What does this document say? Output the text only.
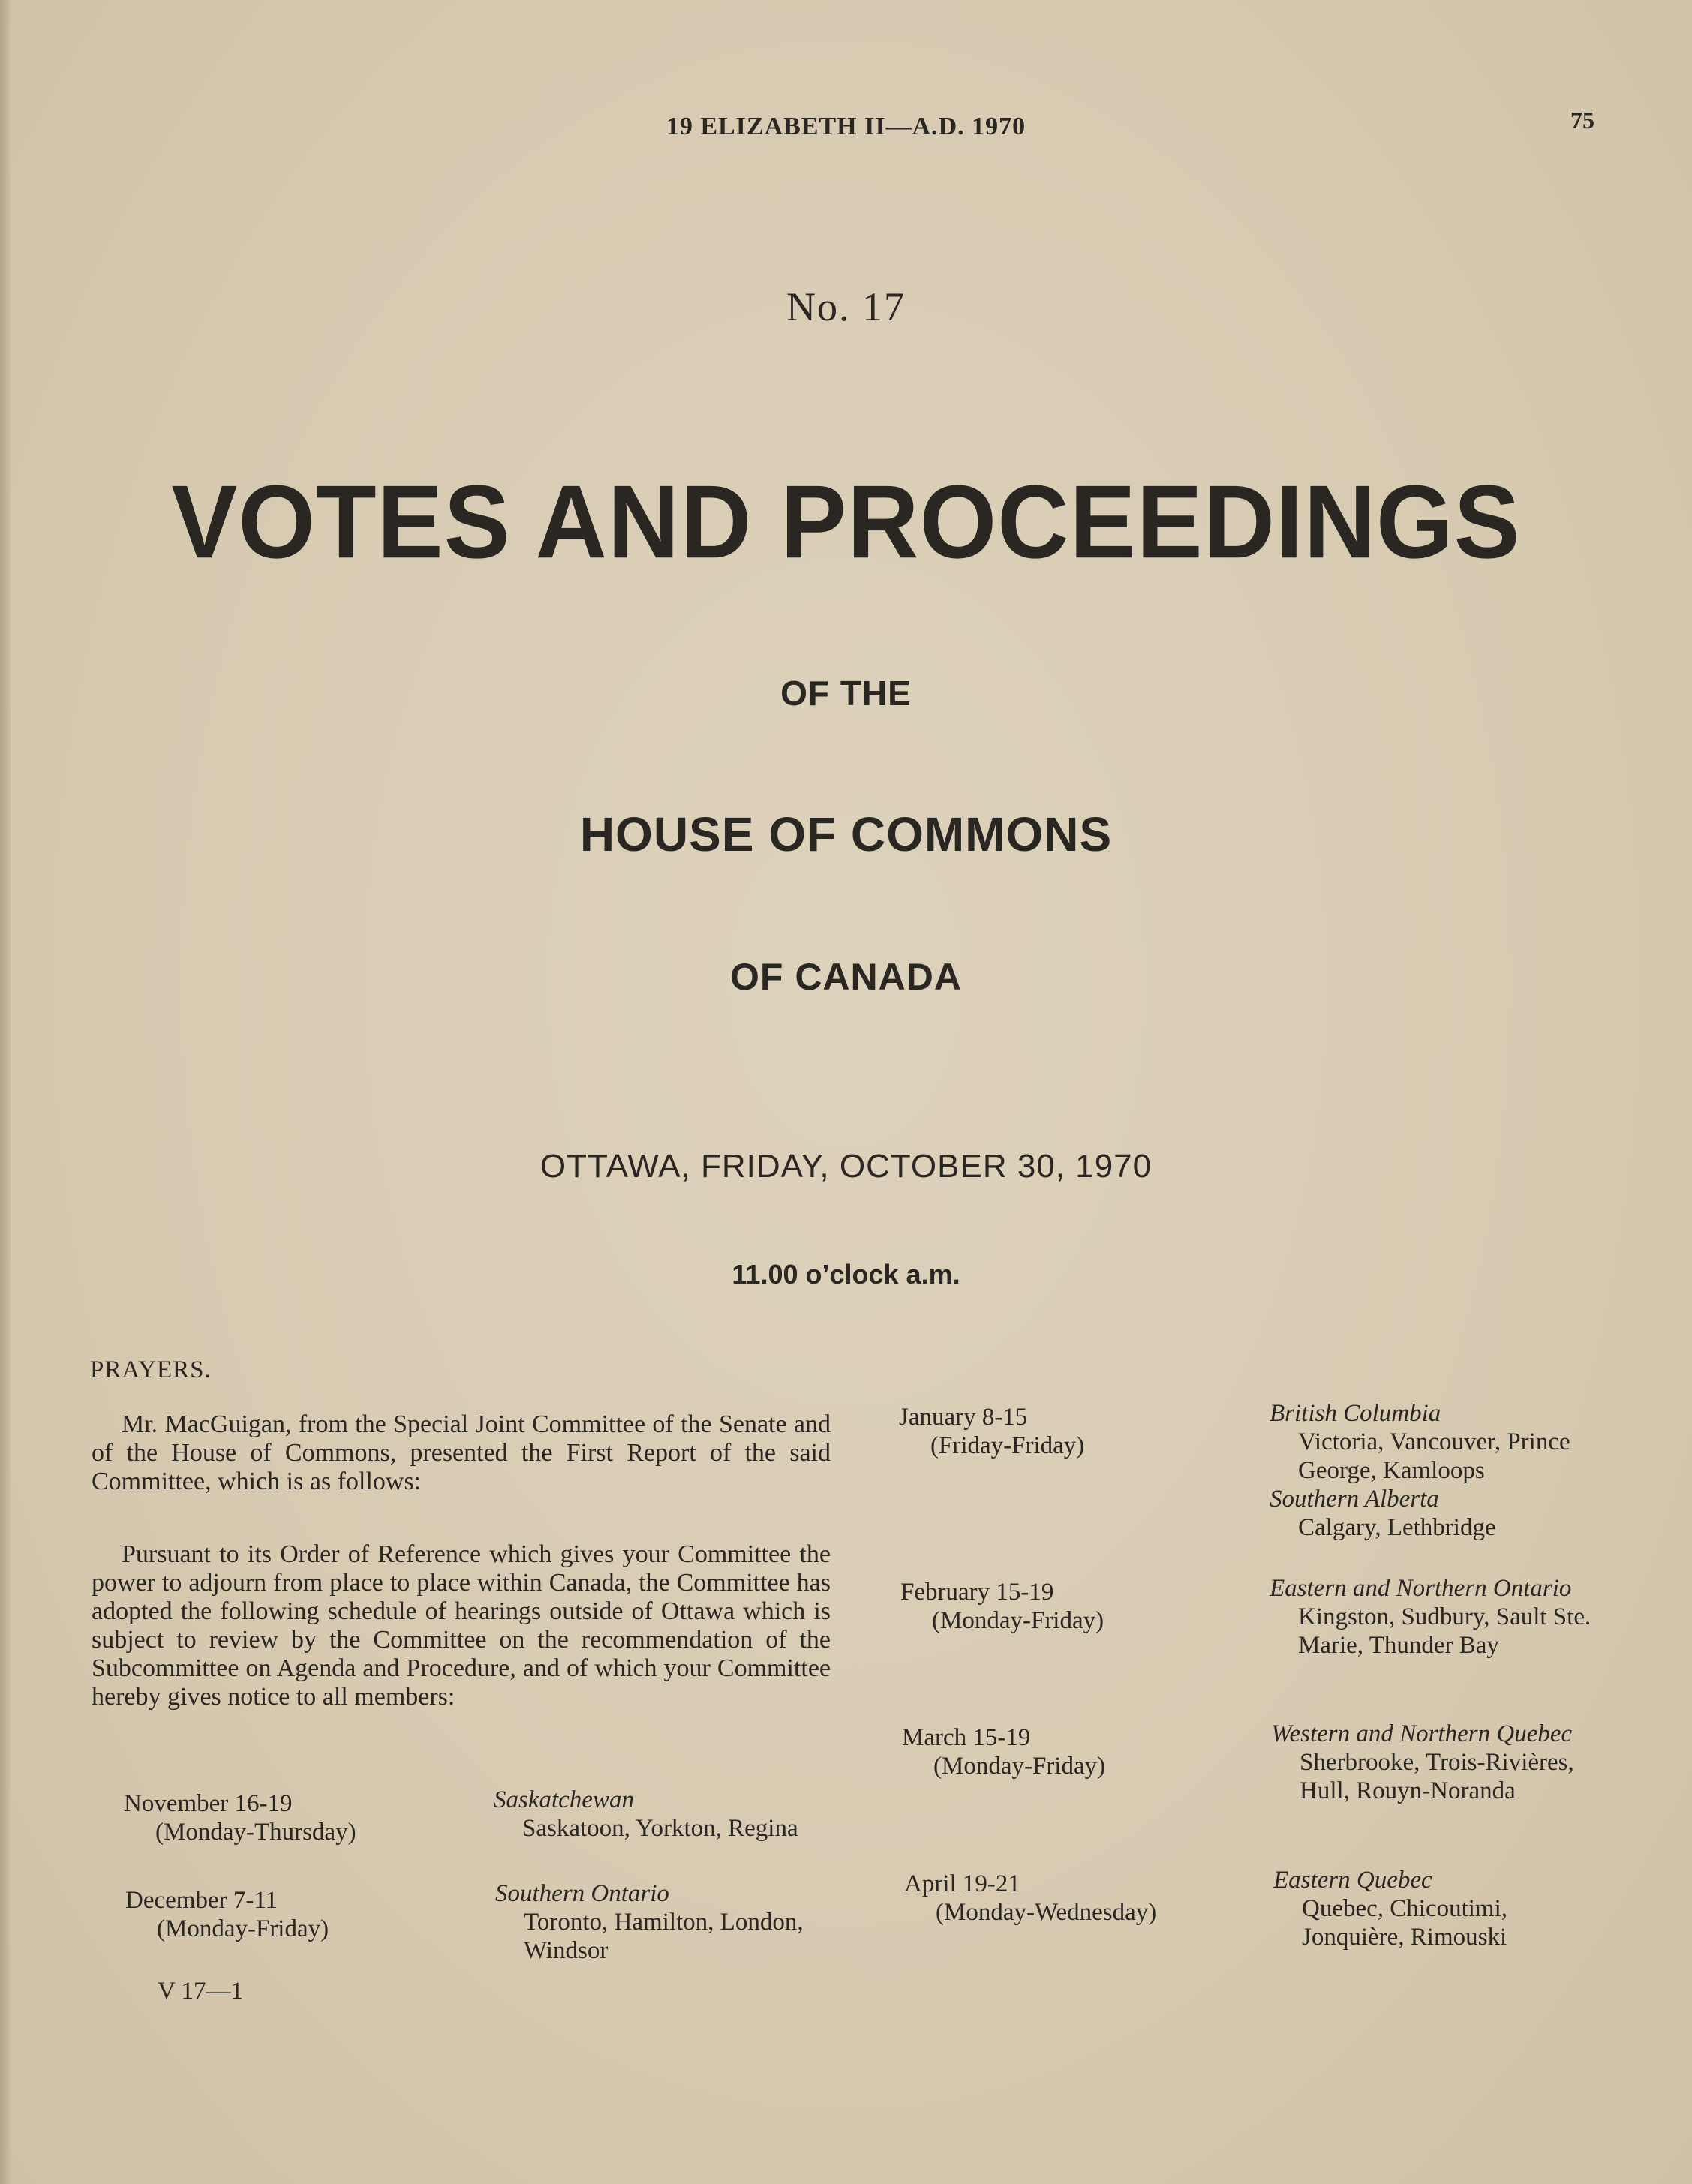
19 ELIZABETH II—A.D. 1970	75
No. 17
VOTES AND PROCEEDINGS
OF THE
HOUSE OF COMMONS
OF CANADA
OTTAWA, FRIDAY, OCTOBER 30, 1970
11.00 o’clock a.m.
PRAYERS.
Mr. MacGuigan, from the Special Joint Committee of the Senate and of the House of Commons, presented the First Report of the said Committee, which is as follows:
Pursuant to its Order of Reference which gives your Committee the power to adjourn from place to place within Canada, the Committee has adopted the following schedule of hearings outside of Ottawa which is subject to review by the Committee on the recommendation of the Subcommittee on Agenda and Procedure, and of which your Committee hereby gives notice to all members:
November 16-19
(Monday-Thursday)
Saskatchewan
Saskatoon, Yorkton, Regina
December 7-11
(Monday-Friday)
Southern Ontario
Toronto, Hamilton, London, Windsor
January 8-15
(Friday-Friday)
British Columbia
Victoria, Vancouver, Prince George, Kamloops
Southern Alberta
Calgary, Lethbridge
February 15-19
(Monday-Friday)
Eastern and Northern Ontario
Kingston, Sudbury, Sault Ste. Marie, Thunder Bay
March 15-19
(Monday-Friday)
Western and Northern Quebec
Sherbrooke, Trois-Rivières, Hull, Rouyn-Noranda
April 19-21
(Monday-Wednesday)
Eastern Quebec
Quebec, Chicoutimi, Jonquière, Rimouski
V 17—1
